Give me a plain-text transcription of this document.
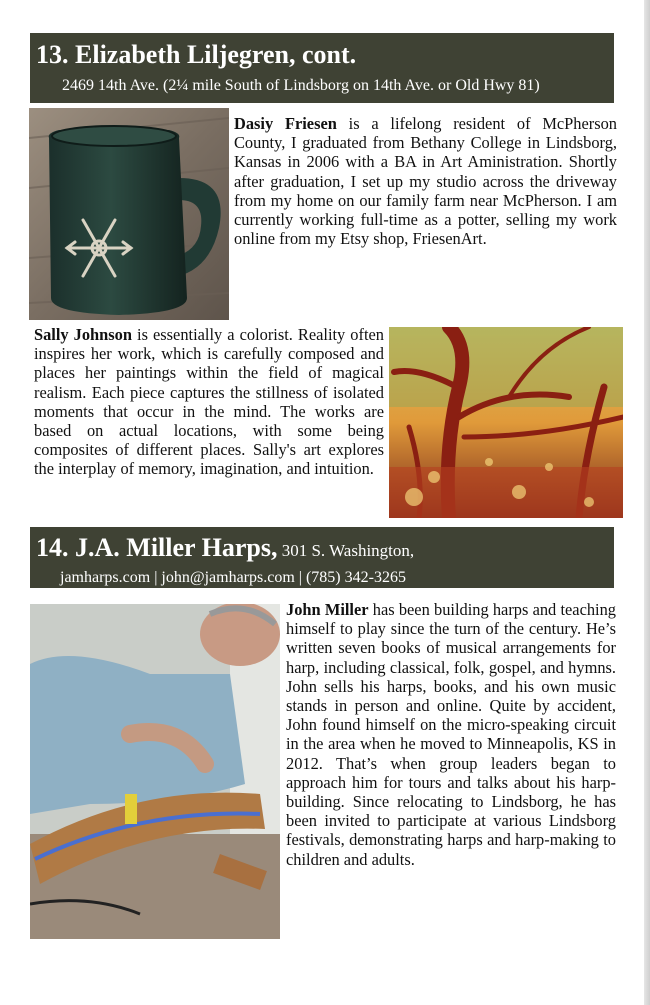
13. Elizabeth Liljegren, cont.
2469 14th Ave. (2¼ mile South of Lindsborg on 14th Ave. or Old Hwy 81)

Dasiy Friesen is a lifelong resident of McPherson County, I graduated from Bethany College in Lindsborg, Kansas in 2006 with a BA in Art Aministration. Shortly after graduation, I set up my studio across the driveway from my home on our family farm near McPherson. I am currently working full-time as a potter, selling my work online from my Etsy shop, FriesenArt.

Sally Johnson is essentially a colorist. Reality often inspires her work, which is carefully composed and places her paintings within the field of magical realism. Each piece captures the stillness of isolated moments that occur in the mind. The works are based on actual locations, with some being composites of different places. Sally's art explores the interplay of memory, imagination, and intuition.

14. J.A. Miller Harps, 301 S. Washington,
jamharps.com | john@jamharps.com | (785) 342-3265

John Miller has been building harps and teaching himself to play since the turn of the century. He’s written seven books of musical arrangements for harp, including classical, folk, gospel, and hymns. John sells his harps, books, and his own music stands in person and online. Quite by accident, John found himself on the micro-speaking circuit in the area when he moved to Minneapolis, KS in 2012. That’s when group leaders began to approach him for tours and talks about his harp-building. Since relocating to Lindsborg, he has been invited to participate at various Lindsborg festivals, demonstrating harps and harp-making to children and adults.
